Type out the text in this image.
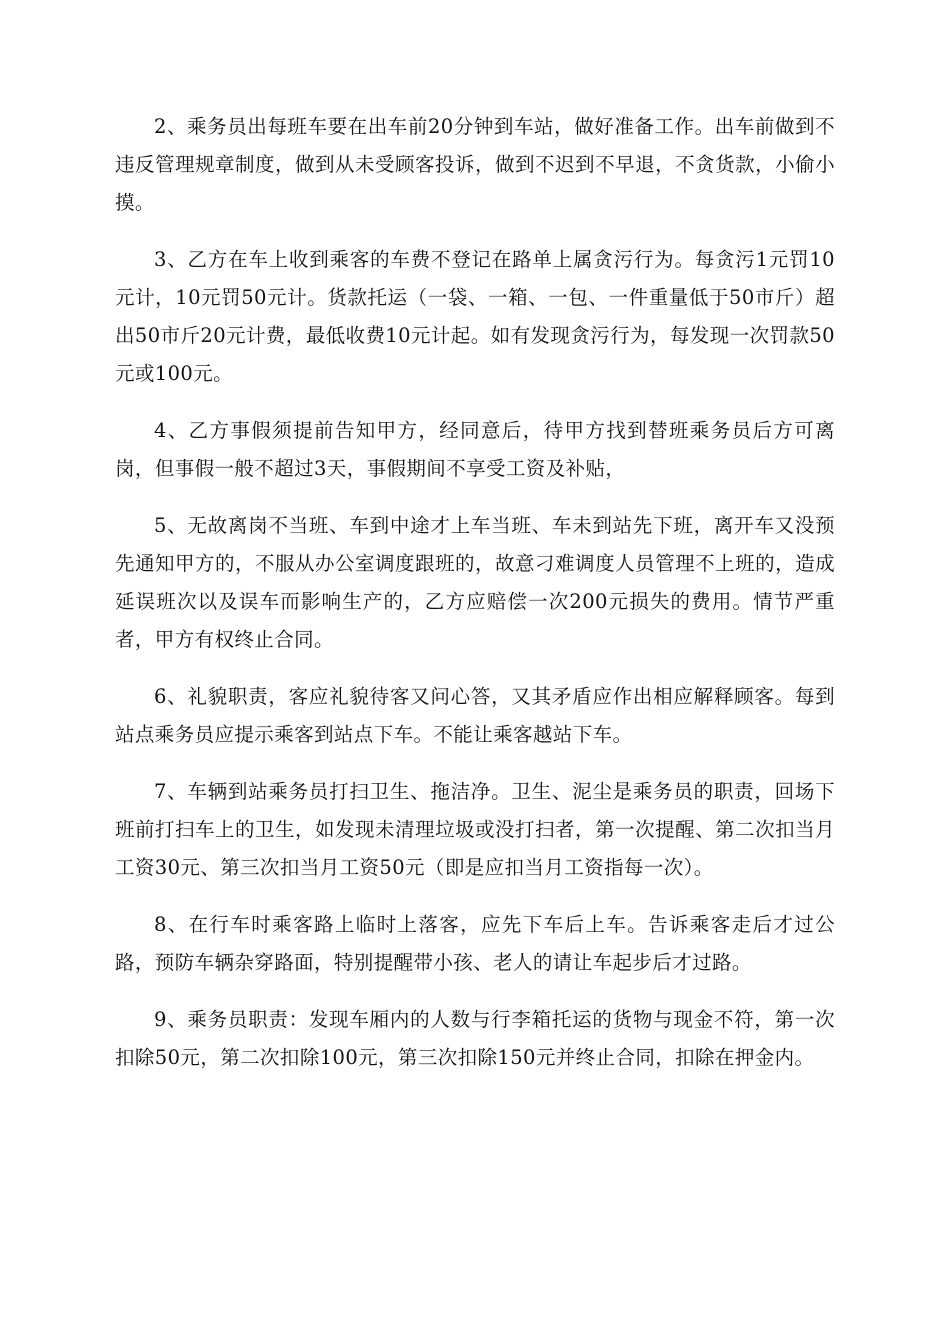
2、乘务员出每班车要在出车前20分钟到车站，做好准备工作。出车前做到不违反管理规章制度，做到从未受顾客投诉，做到不迟到不早退，不贪货款，小偷小摸。

3、乙方在车上收到乘客的车费不登记在路单上属贪污行为。每贪污1元罚10元计，10元罚50元计。货款托运（一袋、一箱、一包、一件重量低于50市斤）超出50市斤20元计费，最低收费10元计起。如有发现贪污行为，每发现一次罚款50元或100元。

4、乙方事假须提前告知甲方，经同意后，待甲方找到替班乘务员后方可离岗，但事假一般不超过3天，事假期间不享受工资及补贴，

5、无故离岗不当班、车到中途才上车当班、车未到站先下班，离开车又没预先通知甲方的，不服从办公室调度跟班的，故意刁难调度人员管理不上班的，造成延误班次以及误车而影响生产的，乙方应赔偿一次200元损失的费用。情节严重者，甲方有权终止合同。

6、礼貌职责，客应礼貌待客又问心答，又其矛盾应作出相应解释顾客。每到站点乘务员应提示乘客到站点下车。不能让乘客越站下车。

7、车辆到站乘务员打扫卫生、拖洁净。卫生、泥尘是乘务员的职责，回场下班前打扫车上的卫生，如发现未清理垃圾或没打扫者，第一次提醒、第二次扣当月工资30元、第三次扣当月工资50元（即是应扣当月工资指每一次）。

8、在行车时乘客路上临时上落客，应先下车后上车。告诉乘客走后才过公路，预防车辆杂穿路面，特别提醒带小孩、老人的请让车起步后才过路。

9、乘务员职责：发现车厢内的人数与行李箱托运的货物与现金不符，第一次扣除50元，第二次扣除100元，第三次扣除150元并终止合同，扣除在押金内。
